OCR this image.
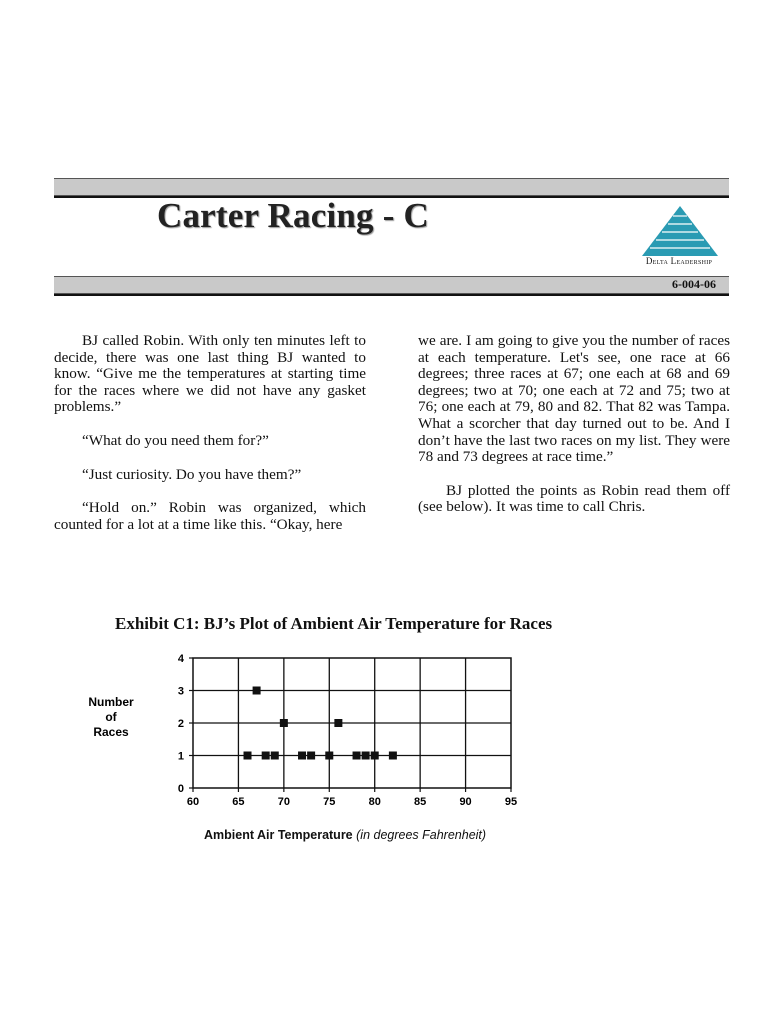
Carter Racing - C
Delta Leadership
6-004-06

BJ called Robin. With only ten minutes left to decide, there was one last thing BJ wanted to know. “Give me the temperatures at starting time for the races where we did not have any gasket problems.”

“What do you need them for?”

“Just curiosity. Do you have them?”

“Hold on.” Robin was organized, which counted for a lot at a time like this. “Okay, here

we are. I am going to give you the number of races at each temperature. Let's see, one race at 66 degrees; three races at 67; one each at 68 and 69 degrees; two at 70; one each at 72 and 75; two at 76; one each at 79, 80 and 82. That 82 was Tampa. What a scorcher that day turned out to be. And I don’t have the last two races on my list. They were 78 and 73 degrees at race time.”

BJ plotted the points as Robin read them off (see below). It was time to call Chris.

Exhibit C1: BJ’s Plot of Ambient Air Temperature for Races
60	65	70	75	80	85	90	95
0
1
2
3
4
Number
of
Races
Ambient Air Temperature (in degrees Fahrenheit)
